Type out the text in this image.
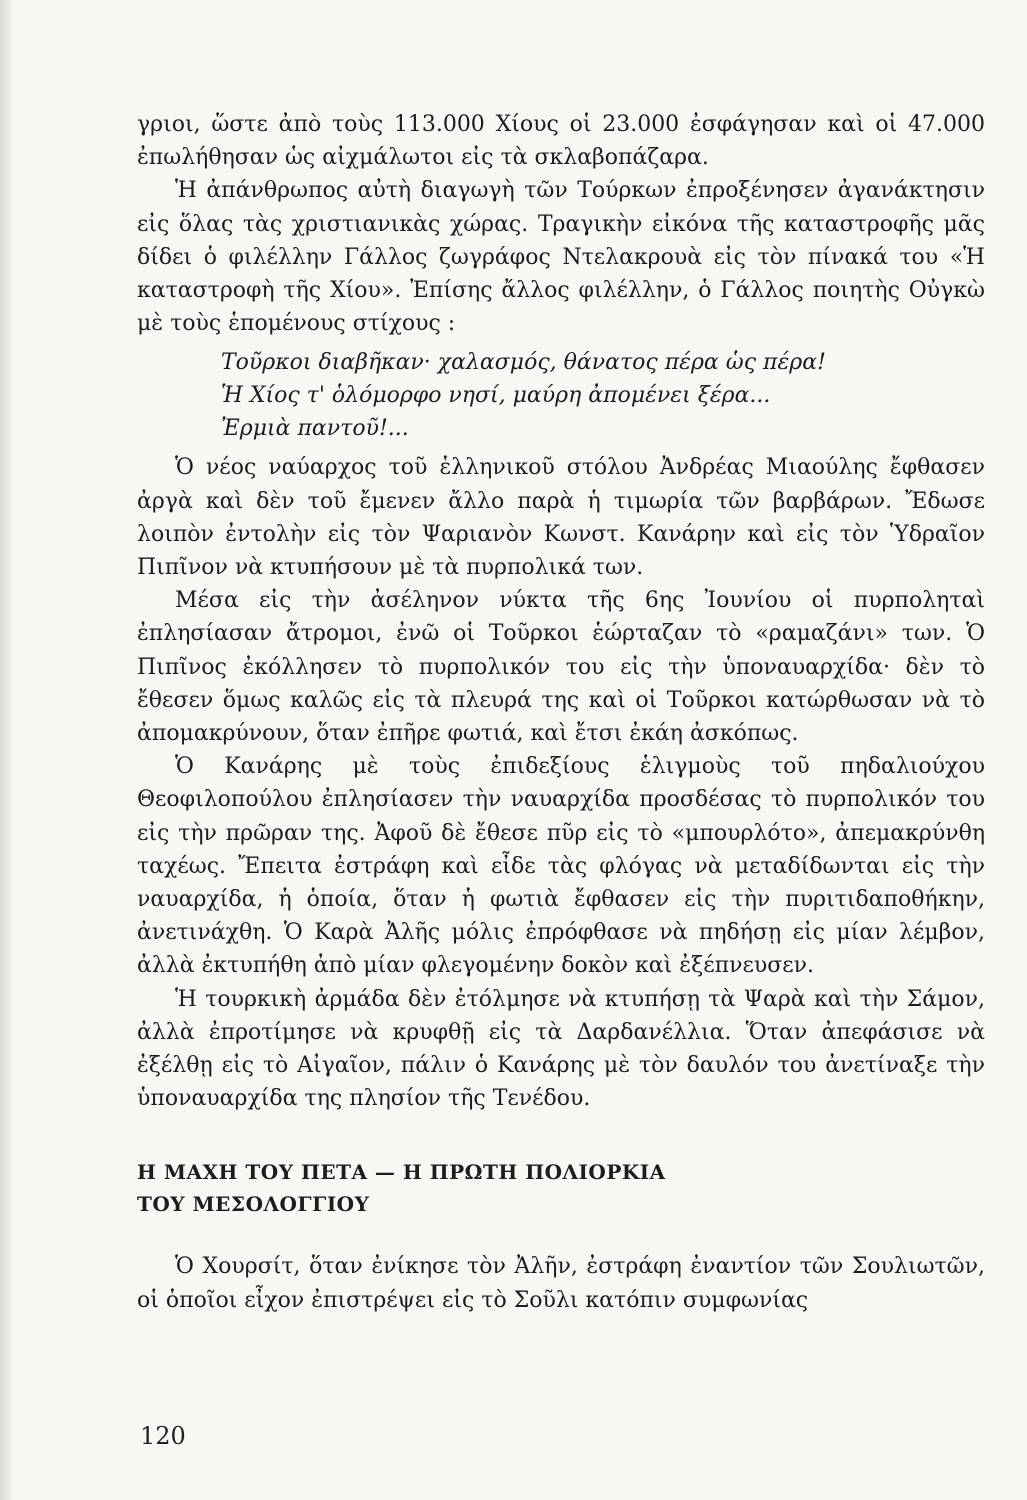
γριοι, ὥστε ἀπὸ τοὺς 113.000 Χίους οἱ 23.000 ἐσφάγησαν καὶ οἱ 47.000 ἐπωλήθησαν ὡς αἰχμάλωτοι εἰς τὰ σκλαβοπάζαρα.

Ἡ ἀπάνθρωπος αὐτὴ διαγωγὴ τῶν Τούρκων ἐπροξένησεν ἀγανάκτησιν εἰς ὅλας τὰς χριστιανικὰς χώρας. Τραγικὴν εἰκόνα τῆς καταστροφῆς μᾶς δίδει ὁ φιλέλλην Γάλλος ζωγράφος Ντελακρουὰ εἰς τὸν πίνακά του «Ἡ καταστροφὴ τῆς Χίου». Ἐπίσης ἄλλος φιλέλλην, ὁ Γάλλος ποιητὴς Οὐγκὼ μὲ τοὺς ἑπομένους στίχους :

Τοῦρκοι διαβῆκαν· χαλασμός, θάνατος πέρα ὡς πέρα!
Ἡ Χίος τ' ὁλόμορφο νησί, μαύρη ἀπομένει ξέρα...
Ἐρμιὰ παντοῦ!...

Ὁ νέος ναύαρχος τοῦ ἑλληνικοῦ στόλου Ἀνδρέας Μιαούλης ἔφθασεν ἀργὰ καὶ δὲν τοῦ ἔμενεν ἄλλο παρὰ ἡ τιμωρία τῶν βαρβάρων. Ἔδωσε λοιπὸν ἐντολὴν εἰς τὸν Ψαριανὸν Κωνστ. Κανάρην καὶ εἰς τὸν Ὑδραῖον Πιπῖνον νὰ κτυπήσουν μὲ τὰ πυρπολικά των.

Μέσα εἰς τὴν ἀσέληνον νύκτα τῆς 6ης Ἰουνίου οἱ πυρποληταὶ ἐπλησίασαν ἄτρομοι, ἐνῶ οἱ Τοῦρκοι ἑώρταζαν τὸ «ραμαζάνι» των. Ὁ Πιπῖνος ἐκόλλησεν τὸ πυρπολικόν του εἰς τὴν ὑποναυαρχίδα· δὲν τὸ ἔθεσεν ὅμως καλῶς εἰς τὰ πλευρά της καὶ οἱ Τοῦρκοι κατώρθωσαν νὰ τὸ ἀπομακρύνουν, ὅταν ἐπῆρε φωτιά, καὶ ἔτσι ἐκάη ἀσκόπως.

Ὁ Κανάρης μὲ τοὺς ἐπιδεξίους ἑλιγμοὺς τοῦ πηδαλιούχου Θεοφιλοπούλου ἐπλησίασεν τὴν ναυαρχίδα προσδέσας τὸ πυρπολικόν του εἰς τὴν πρῶραν της. Ἀφοῦ δὲ ἔθεσε πῦρ εἰς τὸ «μπουρλότο», ἀπεμακρύνθη ταχέως. Ἔπειτα ἐστράφη καὶ εἶδε τὰς φλόγας νὰ μεταδίδωνται εἰς τὴν ναυαρχίδα, ἡ ὁποία, ὅταν ἡ φωτιὰ ἔφθασεν εἰς τὴν πυριτιδαποθήκην, ἀνετινάχθη. Ὁ Καρὰ Ἀλῆς μόλις ἐπρόφθασε νὰ πηδήσῃ εἰς μίαν λέμβον, ἀλλὰ ἐκτυπήθη ἀπὸ μίαν φλεγομένην δοκὸν καὶ ἐξέπνευσεν.

Ἡ τουρκικὴ ἀρμάδα δὲν ἐτόλμησε νὰ κτυπήσῃ τὰ Ψαρὰ καὶ τὴν Σάμον, ἀλλὰ ἐπροτίμησε νὰ κρυφθῇ εἰς τὰ Δαρδανέλλια. Ὅταν ἀπεφάσισε νὰ ἐξέλθῃ εἰς τὸ Αἰγαῖον, πάλιν ὁ Κανάρης μὲ τὸν δαυλόν του ἀνετίναξε τὴν ὑποναυαρχίδα της πλησίον τῆς Τενέδου.

Η ΜΑΧΗ ΤΟΥ ΠΕΤΑ — Η ΠΡΩΤΗ ΠΟΛΙΟΡΚΙΑ
ΤΟΥ ΜΕΣΟΛΟΓΓΙΟΥ

Ὁ Χουρσίτ, ὅταν ἐνίκησε τὸν Ἀλῆν, ἐστράφη ἐναντίον τῶν Σουλιωτῶν, οἱ ὁποῖοι εἶχον ἐπιστρέψει εἰς τὸ Σοῦλι κατόπιν συμφωνίας

120
